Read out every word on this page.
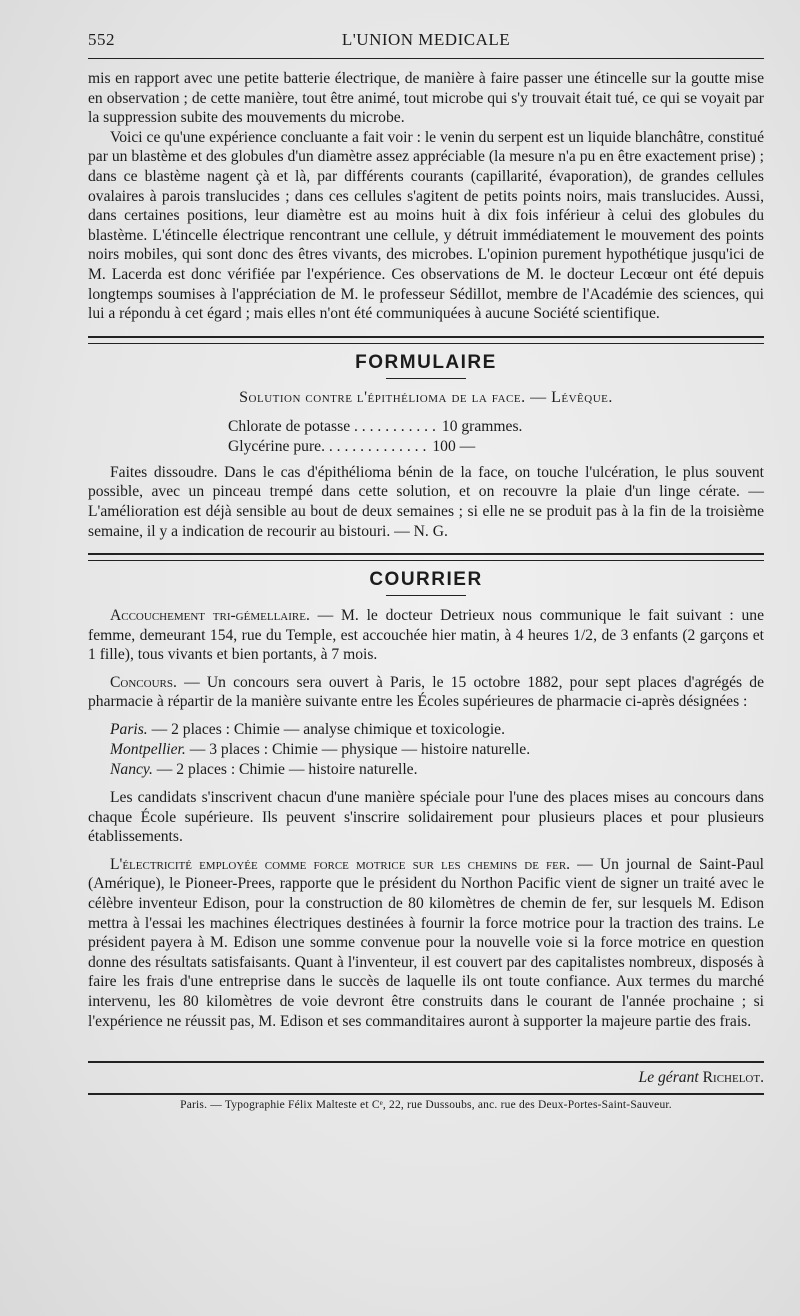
552	L'UNION MEDICALE

mis en rapport avec une petite batterie électrique, de manière à faire passer une étincelle sur la goutte mise en observation ; de cette manière, tout être animé, tout microbe qui s'y trouvait était tué, ce qui se voyait par la suppression subite des mouvements du microbe.

Voici ce qu'une expérience concluante a fait voir : le venin du serpent est un liquide blanchâtre, constitué par un blastème et des globules d'un diamètre assez appréciable (la mesure n'a pu en être exactement prise) ; dans ce blastème nagent çà et là, par différents courants (capillarité, évaporation), de grandes cellules ovalaires à parois translucides ; dans ces cellules s'agitent de petits points noirs, mais translucides. Aussi, dans certaines positions, leur diamètre est au moins huit à dix fois inférieur à celui des globules du blastème. L'étincelle électrique rencontrant une cellule, y détruit immédiatement le mouvement des points noirs mobiles, qui sont donc des êtres vivants, des microbes. L'opinion purement hypothétique jusqu'ici de M. Lacerda est donc vérifiée par l'expérience. Ces observations de M. le docteur Lecœur ont été depuis longtemps soumises à l'appréciation de M. le professeur Sédillot, membre de l'Académie des sciences, qui lui a répondu à cet égard ; mais elles n'ont été communiquées à aucune Société scientifique.

FORMULAIRE
Solution contre l'épithélioma de la face. — Lévêque.
Chlorate de potasse . . . . . . . . . . . 10 grammes.
Glycérine pure. . . . . . . . . . . . . . 100 —

Faites dissoudre. Dans le cas d'épithélioma bénin de la face, on touche l'ulcération, le plus souvent possible, avec un pinceau trempé dans cette solution, et on recouvre la plaie d'un linge cérate. — L'amélioration est déjà sensible au bout de deux semaines ; si elle ne se produit pas à la fin de la troisième semaine, il y a indication de recourir au bistouri. — N. G.

COURRIER

Accouchement tri-gémellaire. — M. le docteur Detrieux nous communique le fait suivant : une femme, demeurant 154, rue du Temple, est accouchée hier matin, à 4 heures 1/2, de 3 enfants (2 garçons et 1 fille), tous vivants et bien portants, à 7 mois.

Concours. — Un concours sera ouvert à Paris, le 15 octobre 1882, pour sept places d'agrégés de pharmacie à répartir de la manière suivante entre les Écoles supérieures de pharmacie ci-après désignées :

Paris. — 2 places : Chimie — analyse chimique et toxicologie.
Montpellier. — 3 places : Chimie — physique — histoire naturelle.
Nancy. — 2 places : Chimie — histoire naturelle.

Les candidats s'inscrivent chacun d'une manière spéciale pour l'une des places mises au concours dans chaque École supérieure. Ils peuvent s'inscrire solidairement pour plusieurs places et pour plusieurs établissements.

L'électricité employée comme force motrice sur les chemins de fer. — Un journal de Saint-Paul (Amérique), le Pioneer-Prees, rapporte que le président du Northon Pacific vient de signer un traité avec le célèbre inventeur Edison, pour la construction de 80 kilomètres de chemin de fer, sur lesquels M. Edison mettra à l'essai les machines électriques destinées à fournir la force motrice pour la traction des trains. Le président payera à M. Edison une somme convenue pour la nouvelle voie si la force motrice en question donne des résultats satisfaisants. Quant à l'inventeur, il est couvert par des capitalistes nombreux, disposés à faire les frais d'une entreprise dans le succès de laquelle ils ont toute confiance. Aux termes du marché intervenu, les 80 kilomètres de voie devront être construits dans le courant de l'année prochaine ; si l'expérience ne réussit pas, M. Edison et ses commanditaires auront à supporter la majeure partie des frais.

Le gérant Richelot.
Paris. — Typographie Félix Malteste et Cᵉ, 22, rue Dussoubs, anc. rue des Deux-Portes-Saint-Sauveur.
